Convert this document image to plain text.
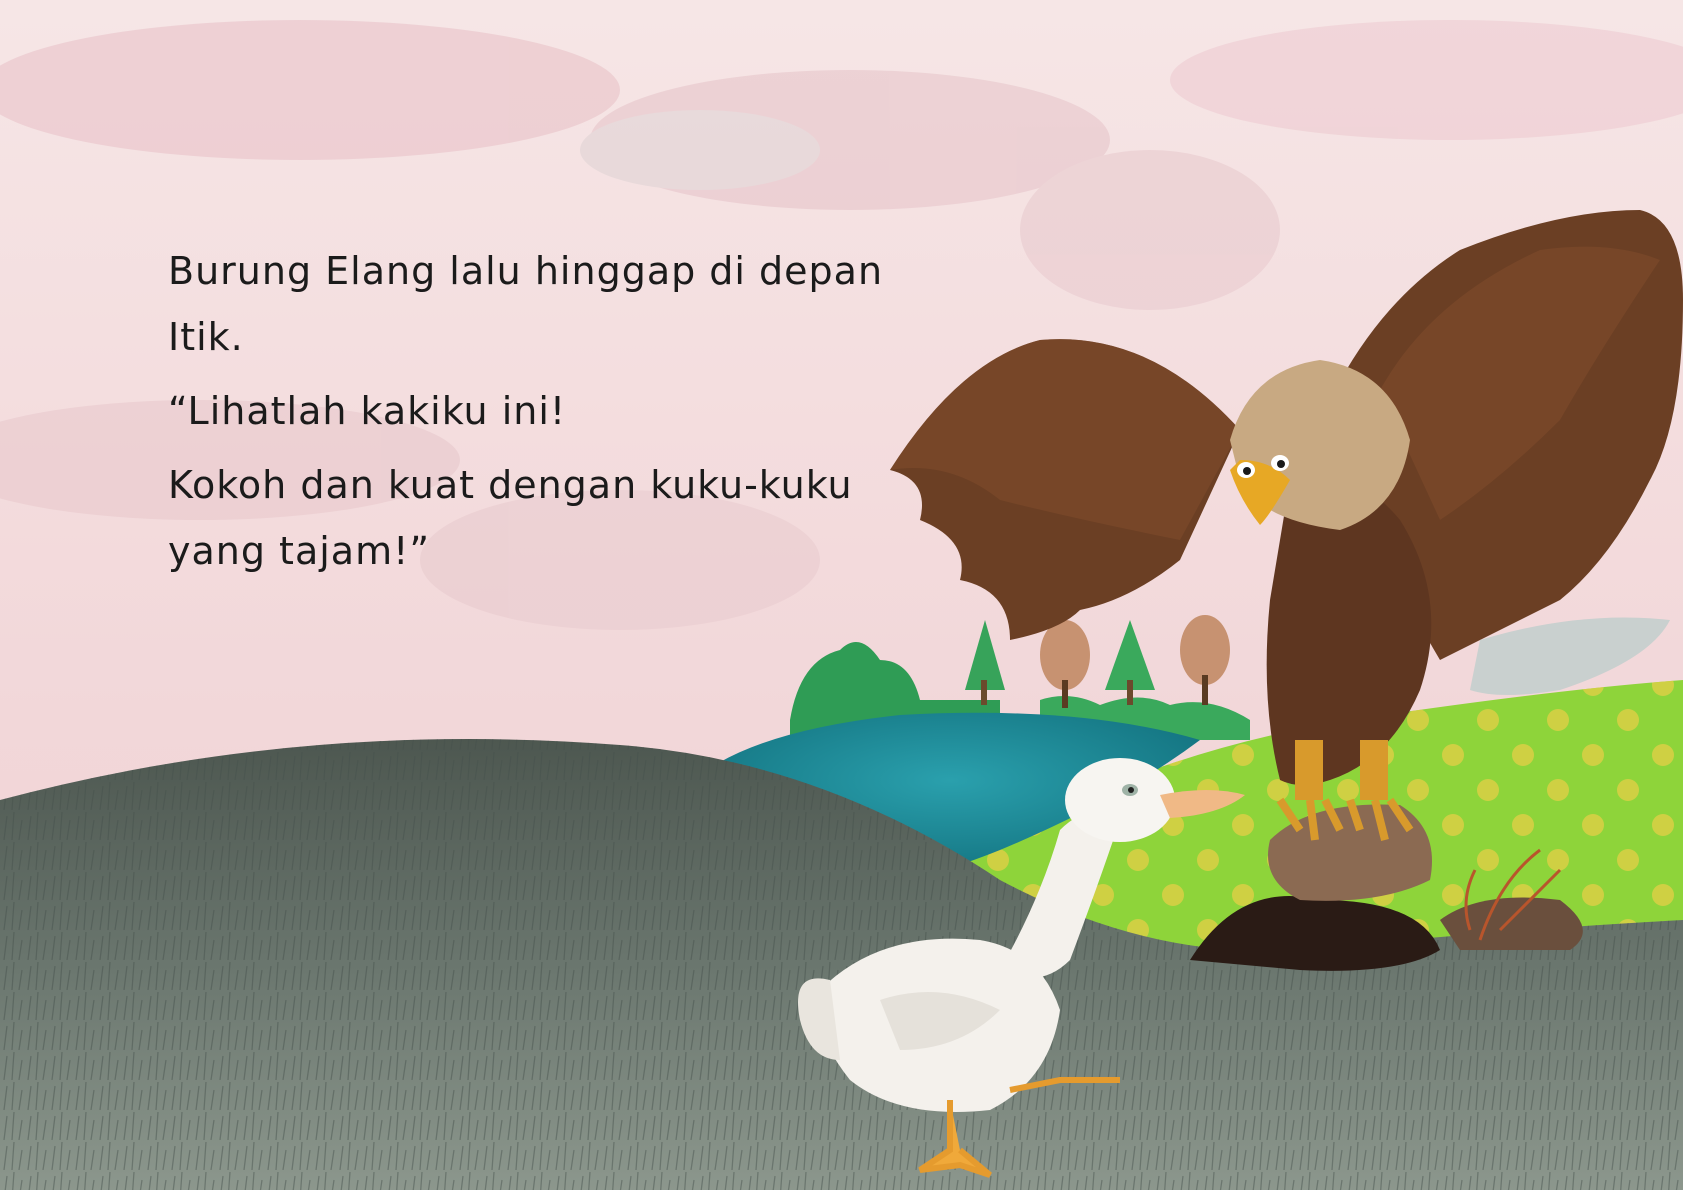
Burung Elang lalu hinggap di depan Itik.

“Lihatlah kakiku ini!

Kokoh dan kuat dengan kuku-kuku yang tajam!”
